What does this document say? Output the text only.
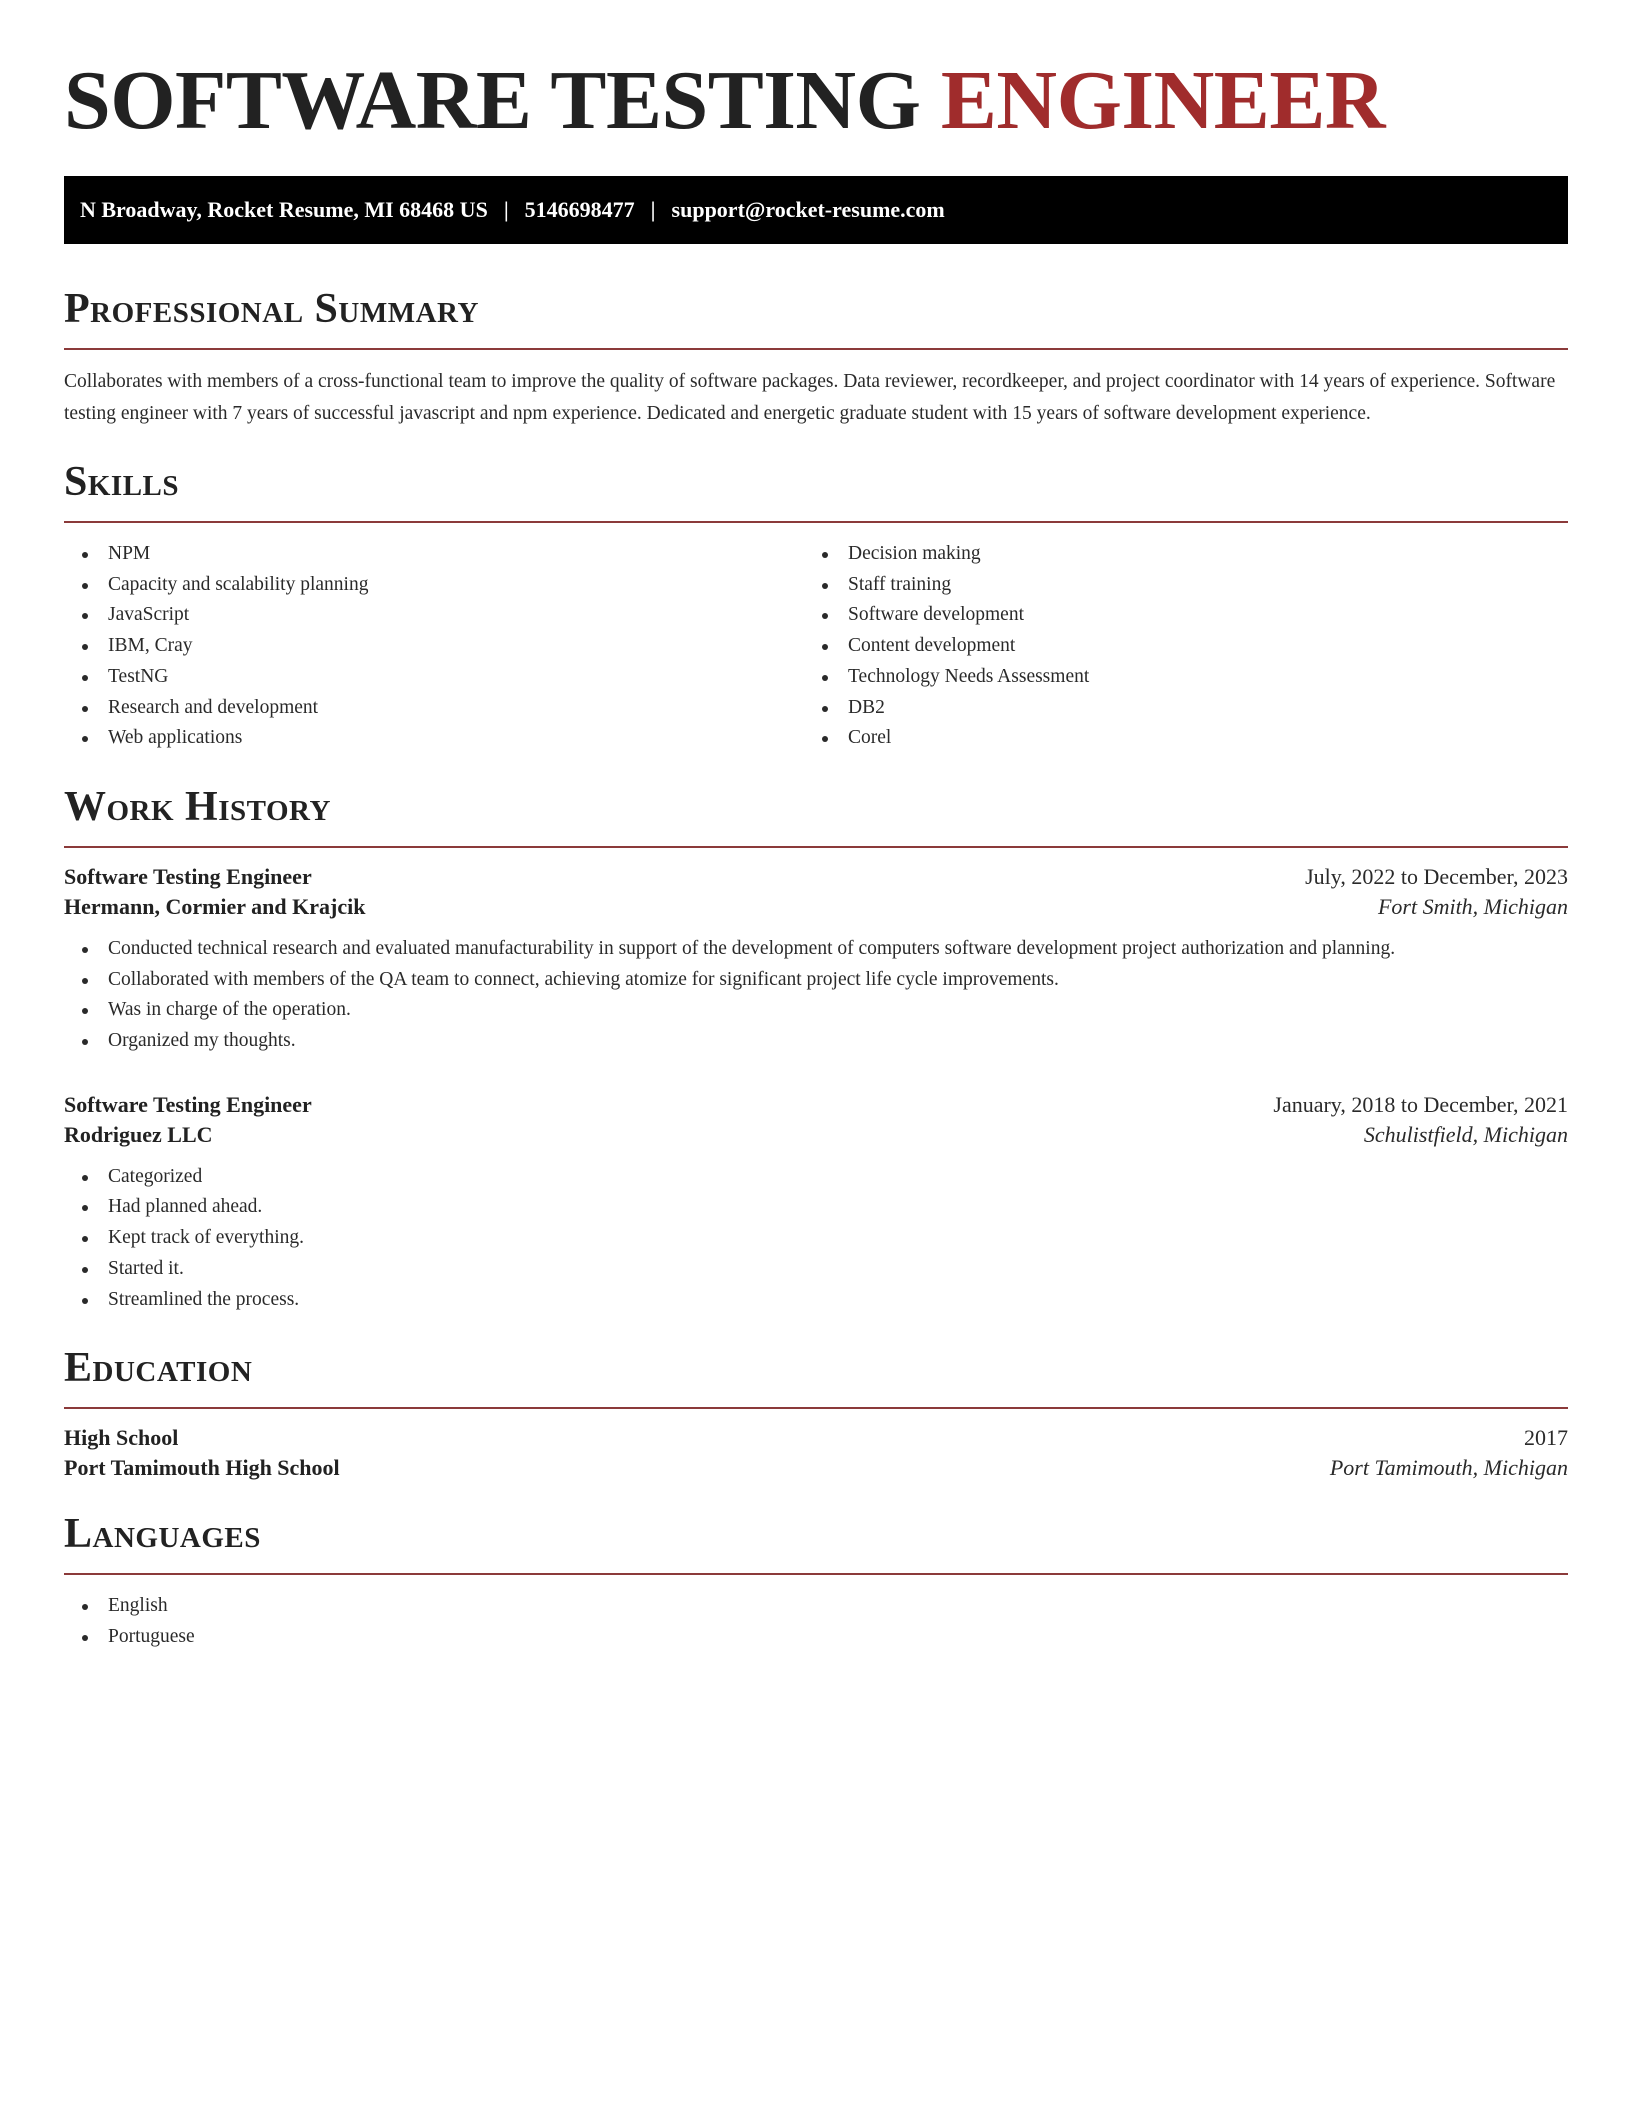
SOFTWARE TESTING ENGINEER
N Broadway, Rocket Resume, MI 68468 US | 5146698477 | support@rocket-resume.com
Professional Summary

Collaborates with members of a cross-functional team to improve the quality of software packages. Data reviewer, recordkeeper, and project coordinator with 14 years of experience. Software testing engineer with 7 years of successful javascript and npm experience. Dedicated and energetic graduate student with 15 years of software development experience.

Skills
NPM
Capacity and scalability planning
JavaScript
IBM, Cray
TestNG
Research and development
Web applications
Decision making
Staff training
Software development
Content development
Technology Needs Assessment
DB2
Corel
Work History
Software Testing Engineer	July, 2022 to December, 2023
Hermann, Cormier and Krajcik	Fort Smith, Michigan
Conducted technical research and evaluated manufacturability in support of the development of computers software development project authorization and planning.
Collaborated with members of the QA team to connect, achieving atomize for significant project life cycle improvements.
Was in charge of the operation.
Organized my thoughts.
Software Testing Engineer	January, 2018 to December, 2021
Rodriguez LLC	Schulistfield, Michigan
Categorized
Had planned ahead.
Kept track of everything.
Started it.
Streamlined the process.
Education
High School	2017
Port Tamimouth High School	Port Tamimouth, Michigan
Languages
English
Portuguese
